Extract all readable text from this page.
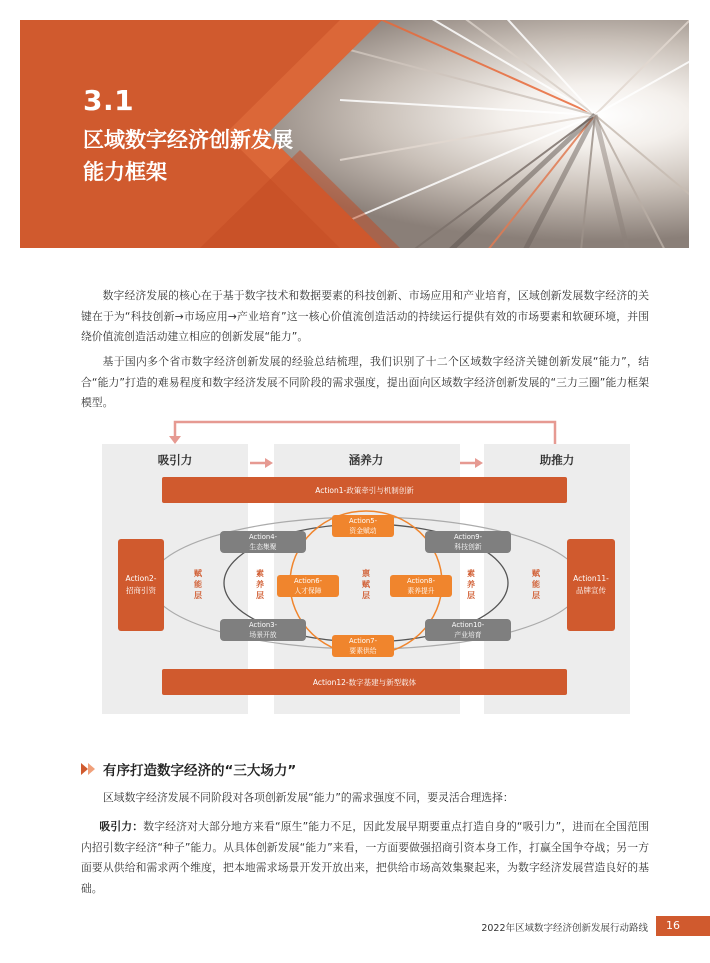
3.1
区域数字经济创新发展
能力框架

数字经济发展的核心在于基于数字技术和数据要素的科技创新、市场应用和产业培育，区域创新发展数字经济的关键在于为“科技创新→市场应用→产业培育”这一核心价值流创造活动的持续运行提供有效的市场要素和软硬环境，并围绕价值流创造活动建立相应的创新发展“能力”。

基于国内多个省市数字经济创新发展的经验总结梳理，我们识别了十二个区域数字经济关键创新发展“能力”，结合“能力”打造的难易程度和数字经济发展不同阶段的需求强度，提出面向区域数字经济创新发展的“三力三圈”能力框架模型。

吸引力	涵养力	助推力
Action1-政策牵引与机制创新
Action12-数字基建与新型载体
Action2-
招商引资
Action11-
品牌宣传
Action4-
生态集聚
Action3-
场景开放
Action9-
科技创新
Action10-
产业培育
Action5-
资金赋动
Action6-
人才保障
Action8-
素养提升
Action7-
要素供给
赋能层
素养层
禀赋层
素养层
赋能层
有序打造数字经济的“三大场力”
区域数字经济发展不同阶段对各项创新发展“能力”的需求强度不同，要灵活合理选择：

吸引力：数字经济对大部分地方来看“原生”能力不足，因此发展早期要重点打造自身的“吸引力”，进而在全国范围内招引数字经济“种子”能力。从具体创新发展“能力”来看，一方面要做强招商引资本身工作，打赢全国争夺战；另一方面要从供给和需求两个维度，把本地需求场景开发开放出来，把供给市场高效集聚起来，为数字经济发展营造良好的基础。

2022年区域数字经济创新发展行动路线	16
